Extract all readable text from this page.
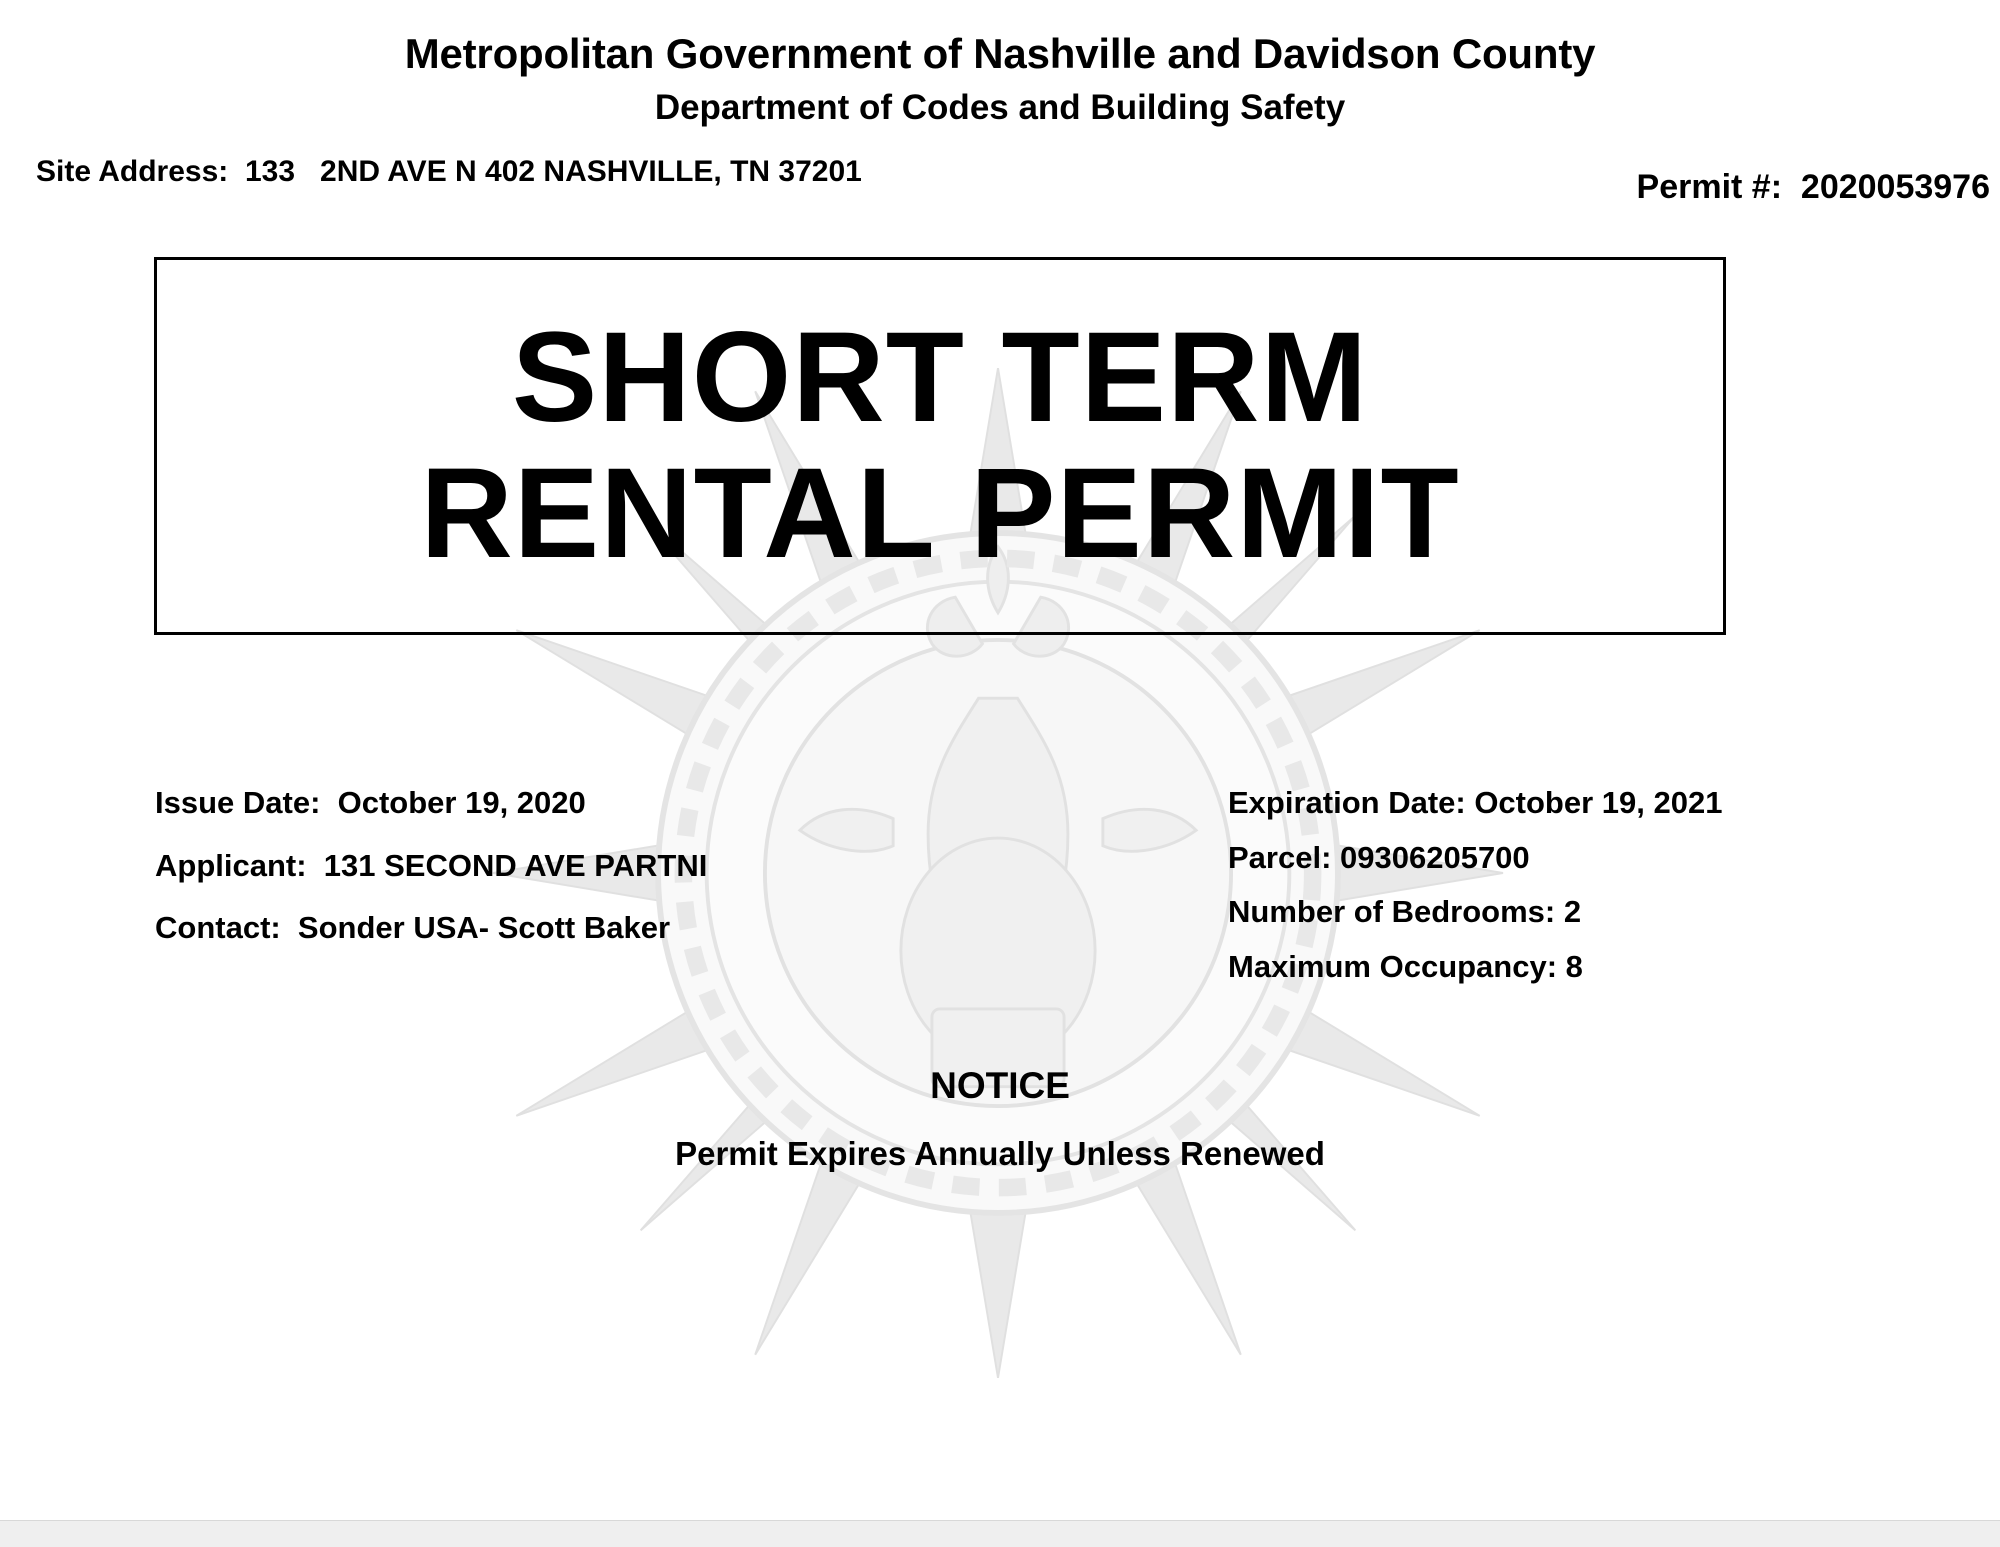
Metropolitan Government of Nashville and Davidson County
Department of Codes and Building Safety
Site Address:  133   2ND AVE N 402 NASHVILLE, TN 37201	Permit #:  2020053976
SHORT TERM
RENTAL PERMIT
Issue Date:  October 19, 2020
Applicant:  131 SECOND AVE PARTNI
Contact:  Sonder USA- Scott Baker
Expiration Date: October 19, 2021
Parcel: 09306205700
Number of Bedrooms: 2
Maximum Occupancy: 8
NOTICE
Permit Expires Annually Unless Renewed
